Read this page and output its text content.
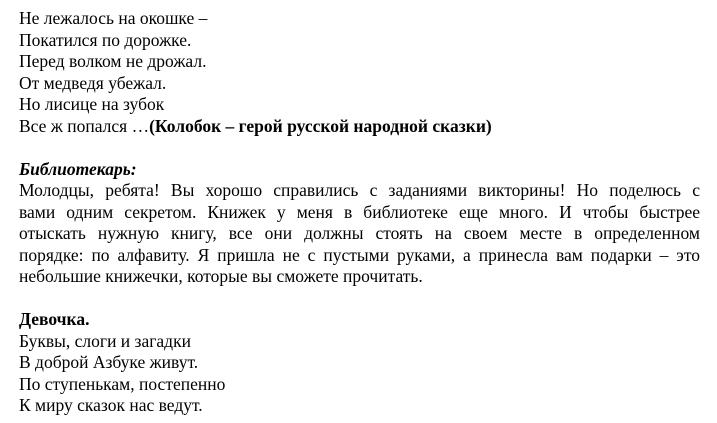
Не лежалось на окошке –
Покатился по дорожке.
Перед волком не дрожал.
От медведя убежал.
Но лисице на зубок
Все ж попался …(Колобок – герой русской народной сказки)
Библиотекарь:
Молодцы, ребята! Вы хорошо справились с заданиями викторины! Но поделюсь с
вами одним секретом. Книжек у меня в библиотеке еще много. И чтобы быстрее
отыскать нужную книгу, все они должны стоять на своем месте в определенном
порядке: по алфавиту. Я пришла не с пустыми руками, а принесла вам подарки – это
небольшие книжечки, которые вы сможете прочитать.
Девочка.
Буквы, слоги и загадки
В доброй Азбуке живут.
По ступенькам, постепенно
К миру сказок нас ведут.
